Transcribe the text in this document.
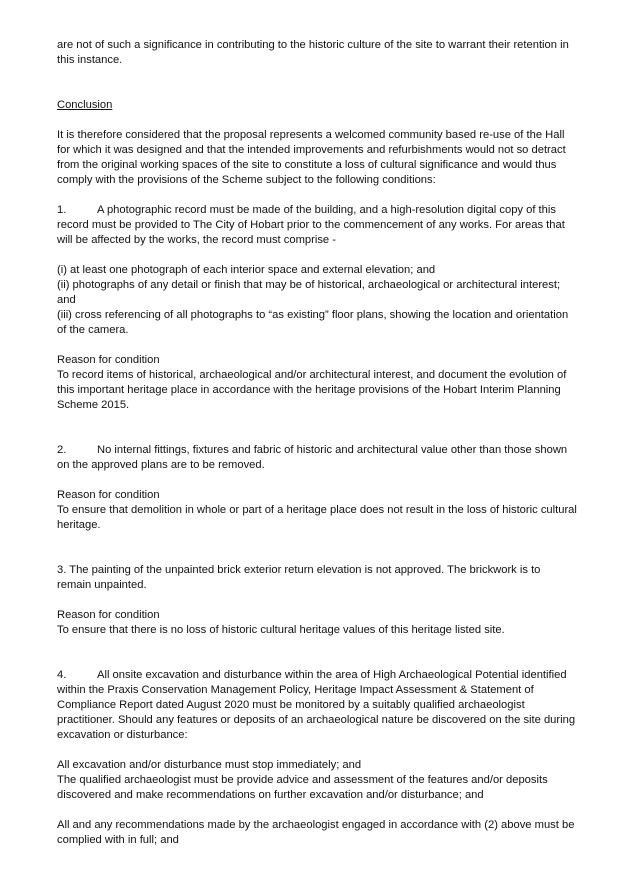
are not of such a significance in contributing to the historic culture of the site to warrant their retention in this instance.

Conclusion

It is therefore considered that the proposal represents a welcomed community based re-use of the Hall for which it was designed and that the intended improvements and refurbishments would not so detract from the original working spaces of the site to constitute a loss of cultural significance and would thus comply with the provisions of the Scheme subject to the following conditions:

1.	A photographic record must be made of the building, and a high-resolution digital copy of this record must be provided to The City of Hobart prior to the commencement of any works. For areas that will be affected by the works, the record must comprise -

(i) at least one photograph of each interior space and external elevation; and

(ii) photographs of any detail or finish that may be of historical, archaeological or architectural interest; and

(iii) cross referencing of all photographs to “as existing” floor plans, showing the location and orientation of the camera.

Reason for condition

To record items of historical, archaeological and/or architectural interest, and document the evolution of this important heritage place in accordance with the heritage provisions of the Hobart Interim Planning Scheme 2015.

2.	No internal fittings, fixtures and fabric of historic and architectural value other than those shown on the approved plans are to be removed.

Reason for condition

To ensure that demolition in whole or part of a heritage place does not result in the loss of historic cultural heritage.

3. The painting of the unpainted brick exterior return elevation is not approved. The brickwork is to remain unpainted.

Reason for condition

To ensure that there is no loss of historic cultural heritage values of this heritage listed site.

4.	All onsite excavation and disturbance within the area of High Archaeological Potential identified within the Praxis Conservation Management Policy, Heritage Impact Assessment & Statement of Compliance Report dated August 2020 must be monitored by a suitably qualified archaeologist practitioner. Should any features or deposits of an archaeological nature be discovered on the site during excavation or disturbance:

All excavation and/or disturbance must stop immediately; and

The qualified archaeologist must be provide advice and assessment of the features and/or deposits discovered and make recommendations on further excavation and/or disturbance; and

All and any recommendations made by the archaeologist engaged in accordance with (2) above must be complied with in full; and
